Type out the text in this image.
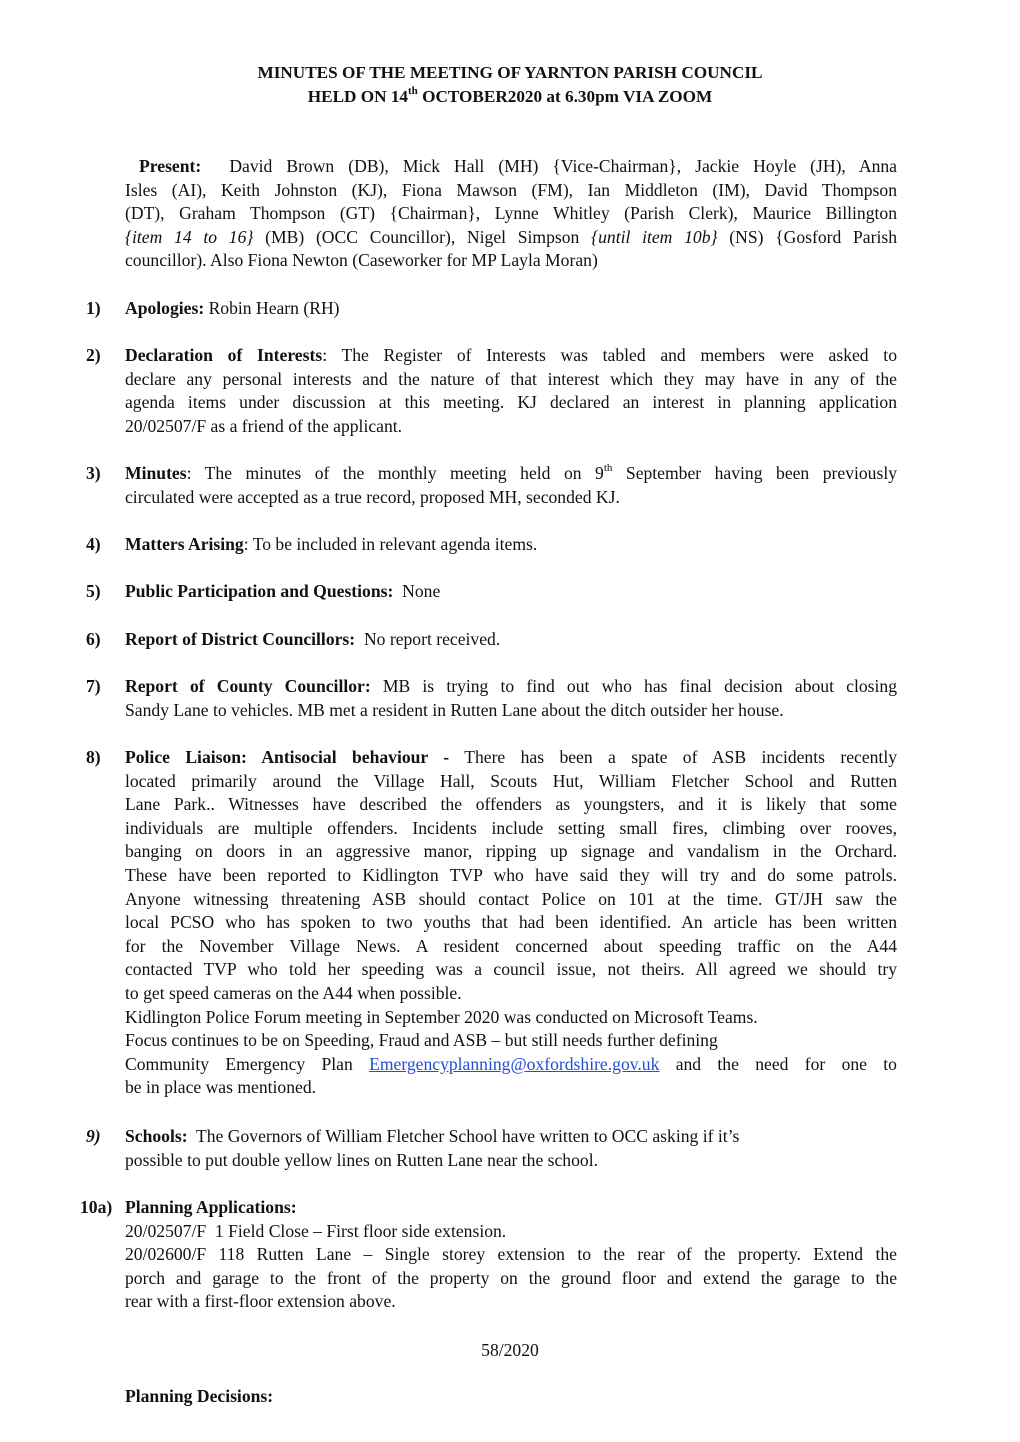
MINUTES OF THE MEETING OF YARNTON PARISH COUNCIL
HELD ON 14th OCTOBER2020 at 6.30pm VIA ZOOM
Present: David Brown (DB), Mick Hall (MH) {Vice-Chairman}, Jackie Hoyle (JH), Anna
Isles (AI), Keith Johnston (KJ), Fiona Mawson (FM), Ian Middleton (IM), David Thompson
(DT), Graham Thompson (GT) {Chairman}, Lynne Whitley (Parish Clerk), Maurice Billington
{item 14 to 16} (MB) (OCC Councillor), Nigel Simpson {until item 10b} (NS) {Gosford Parish
councillor). Also Fiona Newton (Caseworker for MP Layla Moran)
1) Apologies: Robin Hearn (RH)
2) Declaration of Interests: The Register of Interests was tabled and members were asked to
declare any personal interests and the nature of that interest which they may have in any of the
agenda items under discussion at this meeting. KJ declared an interest in planning application
20/02507/F as a friend of the applicant.
3) Minutes: The minutes of the monthly meeting held on 9th September having been previously
circulated were accepted as a true record, proposed MH, seconded KJ.
4) Matters Arising: To be included in relevant agenda items.
5) Public Participation and Questions:  None
6) Report of District Councillors:  No report received.
7) Report of County Councillor: MB is trying to find out who has final decision about closing
Sandy Lane to vehicles. MB met a resident in Rutten Lane about the ditch outsider her house.
8) Police Liaison: Antisocial behaviour - There has been a spate of ASB incidents recently
located primarily around the Village Hall, Scouts Hut, William Fletcher School and Rutten
Lane Park.. Witnesses have described the offenders as youngsters, and it is likely that some
individuals are multiple offenders. Incidents include setting small fires, climbing over rooves,
banging on doors in an aggressive manor, ripping up signage and vandalism in the Orchard.
These have been reported to Kidlington TVP who have said they will try and do some patrols.
Anyone witnessing threatening ASB should contact Police on 101 at the time. GT/JH saw the
local PCSO who has spoken to two youths that had been identified. An article has been written
for the November Village News. A resident concerned about speeding traffic on the A44
contacted TVP who told her speeding was a council issue, not theirs. All agreed we should try
to get speed cameras on the A44 when possible.
Kidlington Police Forum meeting in September 2020 was conducted on Microsoft Teams.
Focus continues to be on Speeding, Fraud and ASB – but still needs further defining
Community Emergency Plan Emergencyplanning@oxfordshire.gov.uk and the need for one to
be in place was mentioned.
9) Schools:  The Governors of William Fletcher School have written to OCC asking if it’s
possible to put double yellow lines on Rutten Lane near the school.
10a) Planning Applications:
20/02507/F  1 Field Close – First floor side extension.
20/02600/F 118 Rutten Lane – Single storey extension to the rear of the property. Extend the
porch and garage to the front of the property on the ground floor and extend the garage to the
rear with a first-floor extension above.
58/2020
Planning Decisions:
